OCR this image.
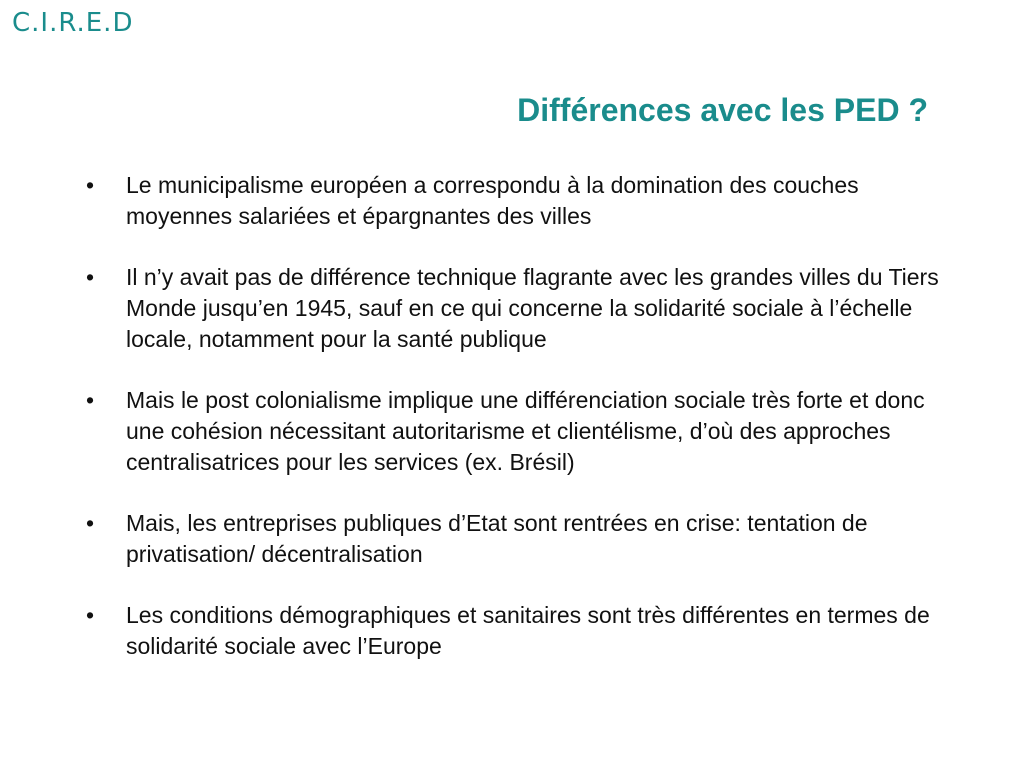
C.I.R.E.D
Différences avec les PED ?
• Le municipalisme européen a correspondu à la domination des couches moyennes salariées et épargnantes des villes
• Il n’y avait pas de différence technique flagrante avec les grandes villes du Tiers Monde jusqu’en 1945, sauf en ce qui concerne la solidarité sociale à l’échelle locale, notamment pour la santé publique
• Mais le post colonialisme implique une différenciation sociale très forte et donc une cohésion nécessitant autoritarisme et clientélisme, d’où des approches centralisatrices pour les services (ex. Brésil)
• Mais, les entreprises publiques d’Etat sont rentrées en crise: tentation de privatisation/ décentralisation
• Les conditions démographiques et sanitaires sont très différentes en termes de solidarité sociale avec l’Europe
